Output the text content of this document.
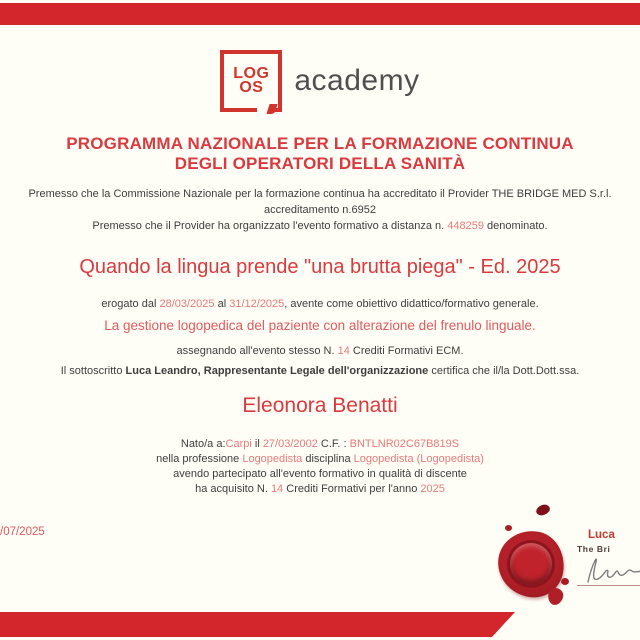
LOG
OS academy
PROGRAMMA NAZIONALE PER LA FORMAZIONE CONTINUA
DEGLI OPERATORI DELLA SANITÀ
Premesso che la Commissione Nazionale per la formazione continua ha accreditato il Provider THE BRIDGE MED S.r.l.
accreditamento n.6952
Premesso che il Provider ha organizzato l'evento formativo a distanza n. 448259 denominato.
Quando la lingua prende "una brutta piega" - Ed. 2025
erogato dal 28/03/2025 al 31/12/2025, avente come obiettivo didattico/formativo generale.
La gestione logopedica del paziente con alterazione del frenulo linguale.
assegnando all'evento stesso N. 14 Crediti Formativi ECM.
Il sottoscritto Luca Leandro, Rappresentante Legale dell'organizzazione certifica che il/la Dott.Dott.ssa.
Eleonora Benatti
Nato/a a:Carpi il 27/03/2002 C.F. : BNTLNR02C67B819S
nella professione Logopedista disciplina Logopedista (Logopedista)
avendo partecipato all'evento formativo in qualità di discente
ha acquisito N. 14 Crediti Formativi per l'anno 2025
/07/2025	Luca
The Bri
